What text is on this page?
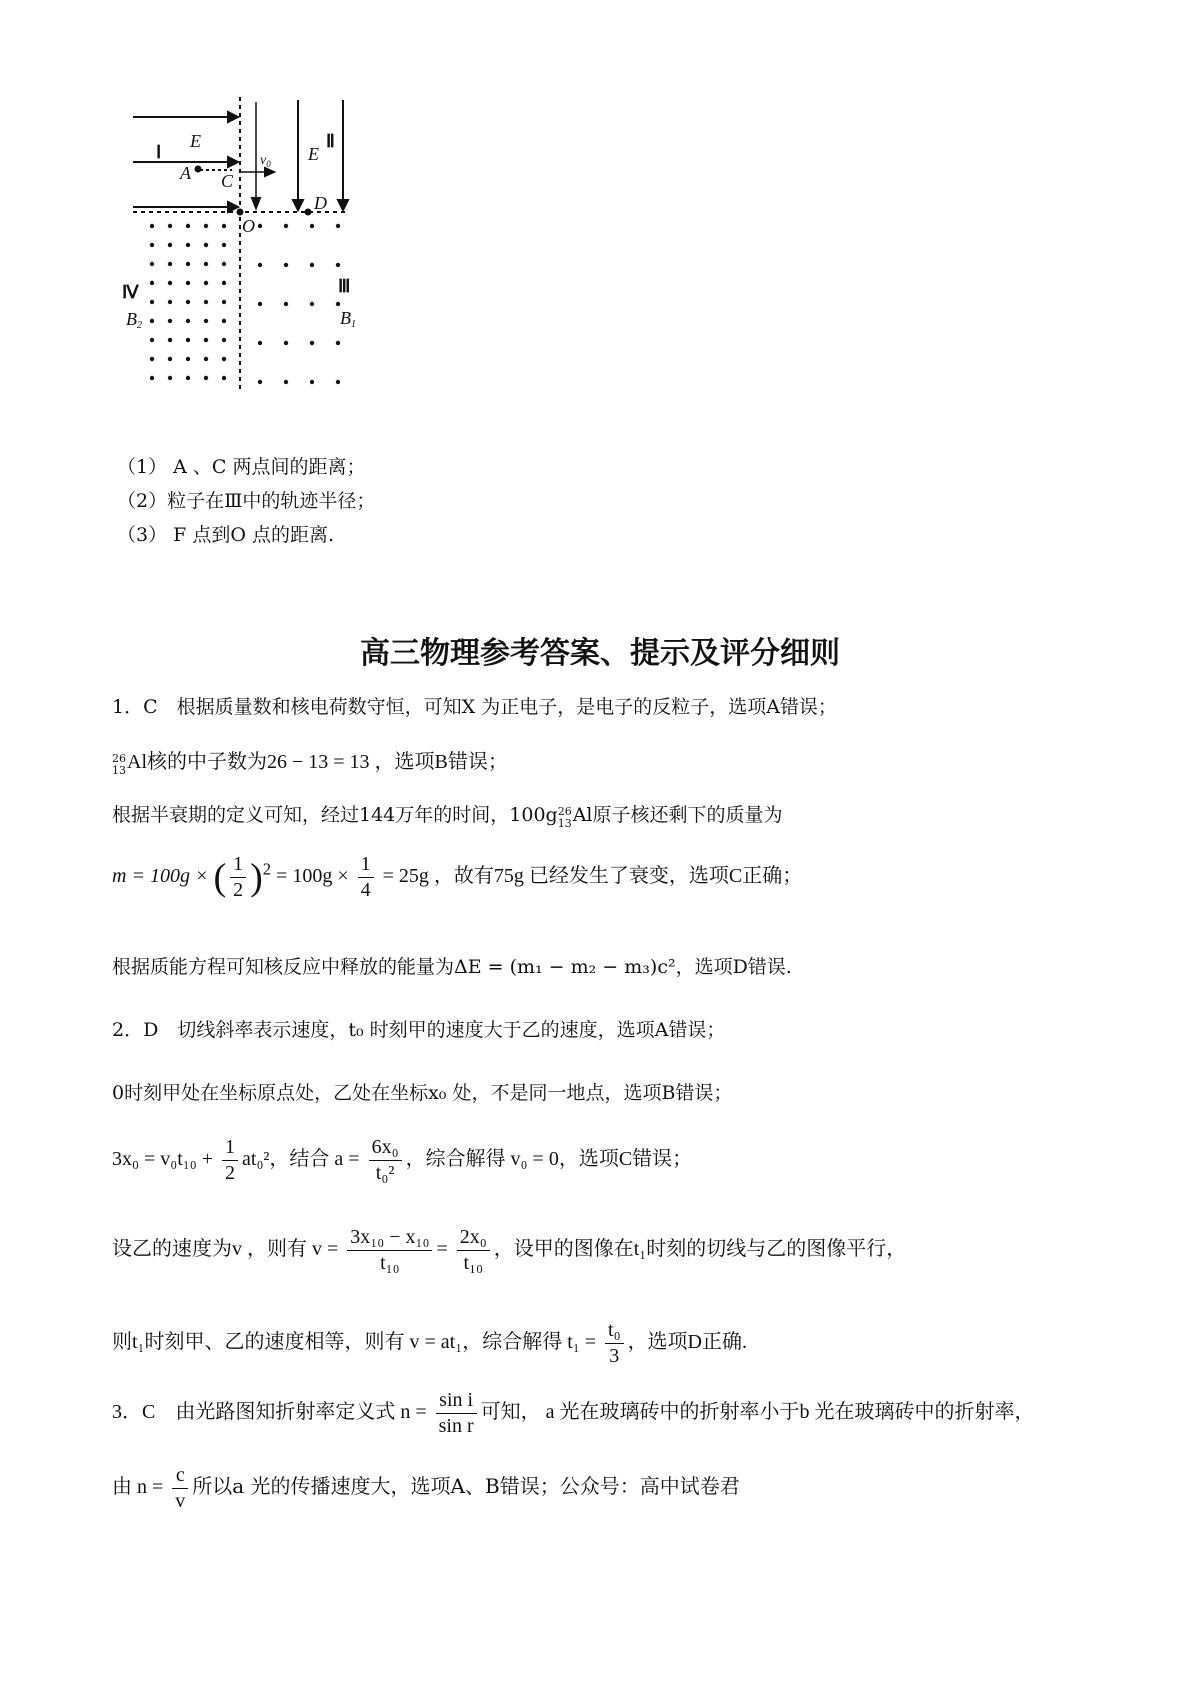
Ⅰ
E
A C
$v_0$ E
Ⅱ
D
O
Ⅲ
B1
Ⅳ
B2
（1） A 、C 两点间的距离；
（2）粒子在Ⅲ中的轨迹半径；
（3） F 点到O 点的距离.
高三物理参考答案、提示及评分细则
1．C　根据质量数和核电荷数守恒，可知X 为正电子，是电子的反粒子，选项A错误；
26
13Al核的中子数为26 − 13 = 13 ，选项B错误；
根据半衰期的定义可知，经过144万年的时间，100g26
13Al原子核还剩下的质量为
m = 100g × ( $\frac{1}{2} )^2 = 100g \times \frac{1}{4} = 25g$ ，故有75g 已经发生了衰变，选项C正确；
根据质能方程可知核反应中释放的能量为ΔE = (m₁ − m₂ − m₃)c²，选项D错误.
2．D　切线斜率表示速度，t₀ 时刻甲的速度大于乙的速度，选项A错误；
0时刻甲处在坐标原点处，乙处在坐标x₀ 处，不是同一地点，选项B错误；
$3x_0 = v_0t_{10} + \frac{1}{2} at_0^2$，结合 $a = \frac{\text{6x₀}}{\text{t₀²}}$ ，综合解得 v₀ = 0，选项C错误；
设乙的速度为v ，则有 $v = \frac{\text{3x₁₀ − x₁₀}}{\text{t₁₀}} = \frac{\text{2x₀}}{\text{t₁₀}}$ ，设甲的图像在t₁时刻的切线与乙的图像平行，
则t₁时刻甲、乙的速度相等，则有 v = at₁，综合解得 $t_1 = \frac{\text{t₀}}{3}$ ，选项D正确.
3．C　由光路图知折射率定义式 $n = \frac{\text{sin i}}{\text{sin r}}$ 可知， a 光在玻璃砖中的折射率小于b 光在玻璃砖中的折射率，
由 $n = \frac{c}{v}$ 所以a 光的传播速度大，选项A、B错误；公众号：高中试卷君
